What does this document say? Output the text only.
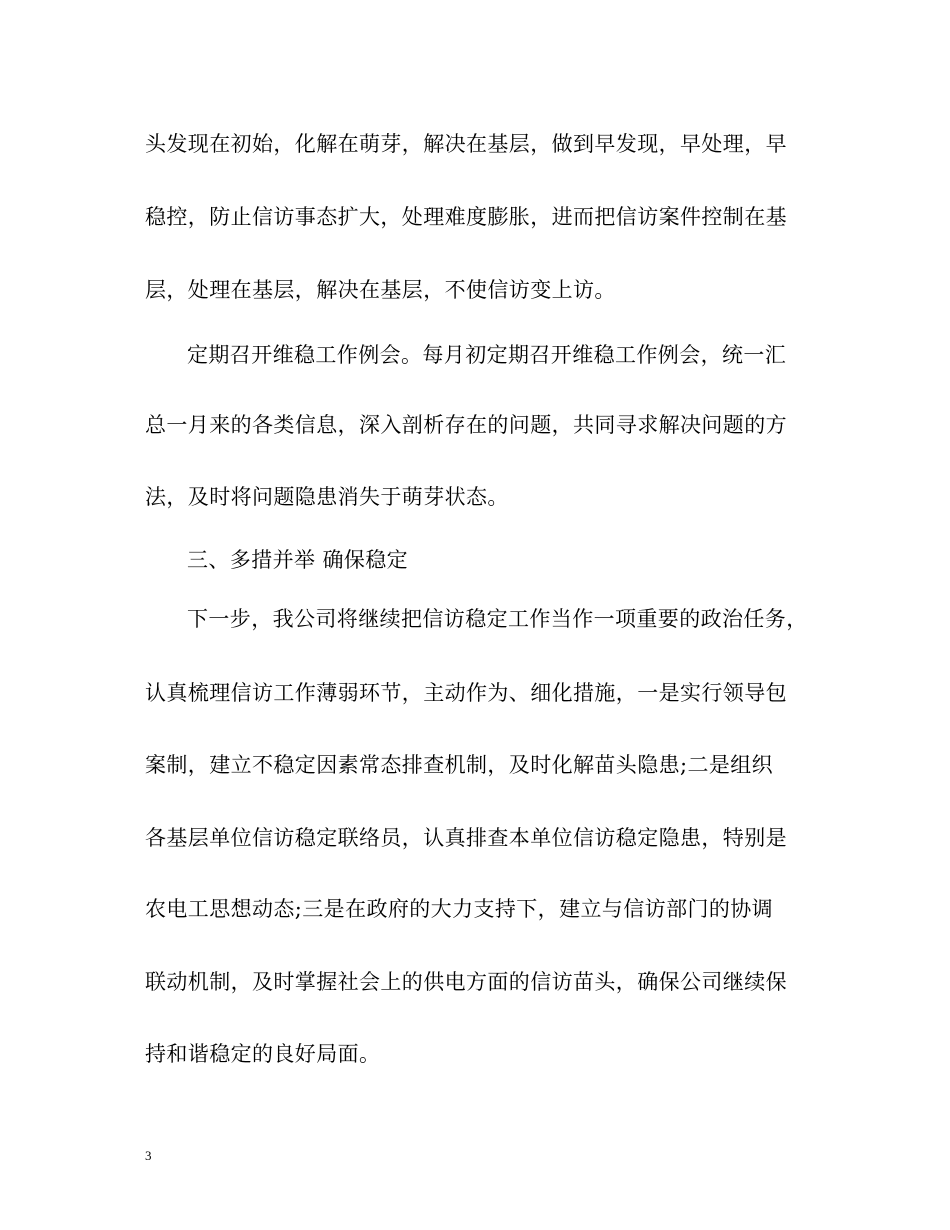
头发现在初始，化解在萌芽，解决在基层，做到早发现，早处理，早
稳控，防止信访事态扩大，处理难度膨胀，进而把信访案件控制在基
层，处理在基层，解决在基层，不使信访变上访。
定期召开维稳工作例会。每月初定期召开维稳工作例会，统一汇
总一月来的各类信息，深入剖析存在的问题，共同寻求解决问题的方
法，及时将问题隐患消失于萌芽状态。
三、多措并举 确保稳定
下一步，我公司将继续把信访稳定工作当作一项重要的政治任务，
认真梳理信访工作薄弱环节，主动作为、细化措施，一是实行领导包
案制，建立不稳定因素常态排查机制，及时化解苗头隐患;二是组织
各基层单位信访稳定联络员，认真排查本单位信访稳定隐患，特别是
农电工思想动态;三是在政府的大力支持下，建立与信访部门的协调
联动机制，及时掌握社会上的供电方面的信访苗头，确保公司继续保
持和谐稳定的良好局面。
3
